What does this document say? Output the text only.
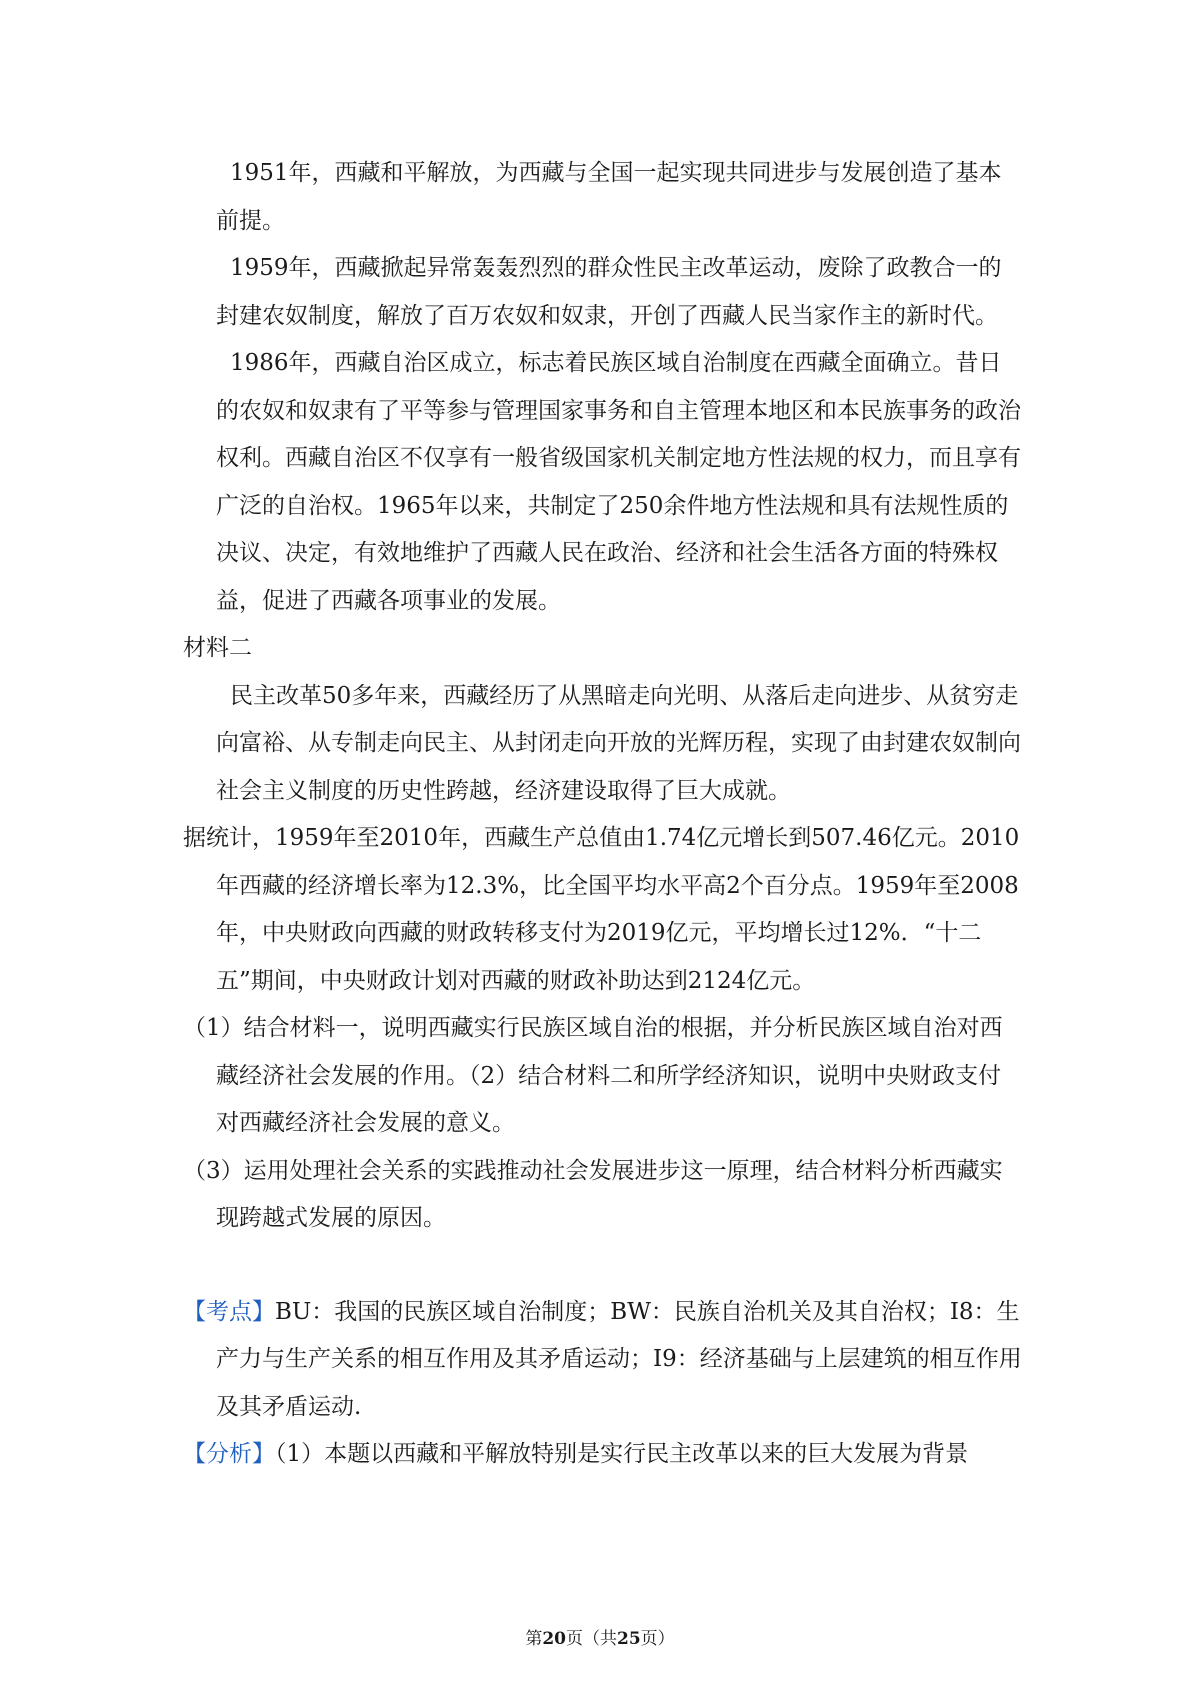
1951年，西藏和平解放，为西藏与全国一起实现共同进步与发展创造了基本前提。

1959年，西藏掀起异常轰轰烈烈的群众性民主改革运动，废除了政教合一的封建农奴制度，解放了百万农奴和奴隶，开创了西藏人民当家作主的新时代。

1986年，西藏自治区成立，标志着民族区域自治制度在西藏全面确立。昔日的农奴和奴隶有了平等参与管理国家事务和自主管理本地区和本民族事务的政治权利。西藏自治区不仅享有一般省级国家机关制定地方性法规的权力，而且享有广泛的自治权。1965年以来，共制定了250余件地方性法规和具有法规性质的决议、决定，有效地维护了西藏人民在政治、经济和社会生活各方面的特殊权益，促进了西藏各项事业的发展。

材料二

民主改革50多年来，西藏经历了从黑暗走向光明、从落后走向进步、从贫穷走向富裕、从专制走向民主、从封闭走向开放的光辉历程，实现了由封建农奴制向社会主义制度的历史性跨越，经济建设取得了巨大成就。

据统计，1959年至2010年，西藏生产总值由1.74亿元增长到507.46亿元。2010年西藏的经济增长率为12.3%，比全国平均水平高2个百分点。1959年至2008年，中央财政向西藏的财政转移支付为2019亿元，平均增长过12%．“十二五”期间，中央财政计划对西藏的财政补助达到2124亿元。

（1）结合材料一，说明西藏实行民族区域自治的根据，并分析民族区域自治对西藏经济社会发展的作用。（2）结合材料二和所学经济知识，说明中央财政支付对西藏经济社会发展的意义。

（3）运用处理社会关系的实践推动社会发展进步这一原理，结合材料分析西藏实现跨越式发展的原因。

【考点】BU：我国的民族区域自治制度；BW：民族自治机关及其自治权；I8：生产力与生产关系的相互作用及其矛盾运动；I9：经济基础与上层建筑的相互作用及其矛盾运动.

【分析】（1）本题以西藏和平解放特别是实行民主改革以来的巨大发展为背景

第20页（共25页）
